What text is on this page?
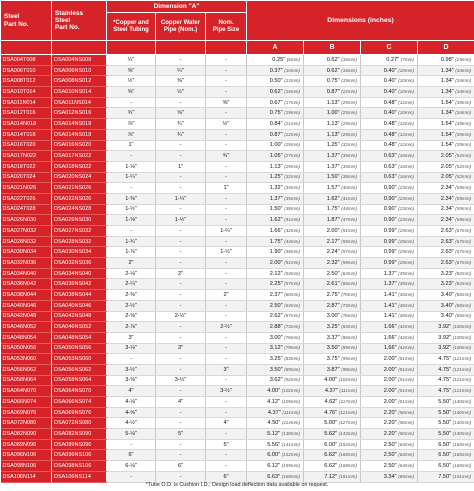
Steel
Part No.	Stainless
Steel
Part No.	Dimension "A"			Dimensions (inches)			
		*Copper and
Steel Tubing	Copper Water
Pipe (Nom.)	Nom.
Pipe Size				
					A	B	C	D
DSA004T008	DSA004NS008	¼"	-	-	0.25" (6mm)	0.62" (16mm)	0.27" (7mm)	0.98" (25mm)
DSA006T010	DSA006NS010	⅜"	¼"	-	0.37" (10mm)	0.62" (16mm)	0.40" (10mm)	1.34" (34mm)
DSA008T012	DSA008NS012	½"	⅜"	-	0.50" (13mm)	0.75" (19mm)	0.40" (10mm)	1.34" (34mm)
DSA010T014	DSA010NS014	⅝"	½"	-	0.62" (16mm)	0.87" (22mm)	0.40" (10mm)	1.34" (34mm)
DSA011N014	DSA011NS014	-	-	⅜"	0.67" (17mm)	1.13" (29mm)	0.48" (12mm)	1.54" (39mm)
DSA012T016	DSA012NS016	¾"	⅝"	-	0.75" (19mm)	1.00" (25mm)	0.40" (10mm)	1.34" (34mm)
DSA014N018	DSA014NS018	⅞"	¾"	½"	0.84" (21mm)	1.13" (29mm)	0.48" (12mm)	1.54" (39mm)
DSA014T018	DSA014NS018	⅞"	¾"	-	0.87" (22mm)	1.13" (29mm)	0.48" (12mm)	1.54" (39mm)
DSA016T020	DSA016NS020	1"	-	-	1.00" (25mm)	1.25" (32mm)	0.48" (12mm)	1.54" (39mm)
DSA017N022	DSA017NS022	-	-	¾"	1.05" (27mm)	1.37" (35mm)	0.63" (16mm)	2.05" (52mm)
DSA018T022	DSA018NS022	1-⅛"	1"	-	1.13" (29mm)	1.37" (35mm)	0.63" (16mm)	2.05" (52mm)
DSA020T024	DSA020NS024	1-¼"	-	-	1.25" (32mm)	1.50" (38mm)	0.63" (16mm)	2.05" (52mm)
DSA021N026	DSA021NS026	-	-	1"	1.32" (34mm)	1.57" (40mm)	0.90" (23mm)	2.34" (59mm)
DSA022T026	DSA022NS026	1-⅜"	1-¼"	-	1.37" (35mm)	1.62" (41mm)	0.90" (23mm)	2.34" (59mm)
DSA024T028	DSA024NS028	1-½"	-	-	1.50" (38mm)	1.75" (44mm)	0.90" (23mm)	2.34" (59mm)
DSA026N030	DSA026NS030	1-⅝"	1-½"	-	1.62" (41mm)	1.87" (47mm)	0.90" (23mm)	2.34" (59mm)
DSA027N032	DSA027NS032	-	-	1-¼"	1.66" (42mm)	2.00" (51mm)	0.99" (25mm)	2.63" (67mm)
DSA028N032	DSA028NS032	1-¾"	-	-	1.75" (44mm)	2.17" (55mm)	0.99" (25mm)	2.63" (67mm)
DSA030N034	DSA030NS034	1-⅞"	-	1-½"	1.90" (48mm)	2.24" (57mm)	0.99" (25mm)	2.63" (67mm)
DSA032N036	DSA032NS036	2"	-	-	2.00" (51mm)	2.32" (59mm)	0.99" (25mm)	2.63" (67mm)
DSA034N040	DSA034NS040	2-⅛"	2"	-	2.12" (54mm)	2.50" (64mm)	1.37" (35mm)	3.23" (82mm)
DSA036N042	DSA036NS042	2-¼"	-	-	2.25" (57mm)	2.61" (66mm)	1.37" (35mm)	3.23" (82mm)
DSA038N044	DSA038NS044	2-⅜"	-	2"	2.37" (60mm)	2.75" (70mm)	1.41" (36mm)	3.40" (86mm)
DSA040N046	DSA040NS046	2-½"	-	-	2.50" (64mm)	2.87" (73mm)	1.41" (36mm)	3.40" (86mm)
DSA042N048	DSA042NS048	2-⅝"	2-½"	-	2.62" (67mm)	3.00" (76mm)	1.41" (36mm)	3.40" (86mm)
DSA046N052	DSA046NS052	2-⅞"	-	2-½"	2.88" (73mm)	3.25" (83mm)	1.66" (42mm)	3.92" (100mm)
DSA048N054	DSA048NS054	3"	-	-	3.00" (76mm)	3.37" (86mm)	1.66" (42mm)	3.92" (100mm)
DSA050N056	DSA050NS056	3-⅛"	3"	-	3.12" (79mm)	3.50" (89mm)	1.66" (42mm)	3.92" (100mm)
DSA053N060	DSA053NS060	-	-	-	3.25" (83mm)	3.75" (95mm)	2.00" (51mm)	4.75" (121mm)
DSA056N062	DSA056NS062	3-½"	-	3"	3.50" (89mm)	3.87" (98mm)	2.00" (51mm)	4.75" (121mm)
DSA058N064	DSA058NS064	3-⅝"	3-½"	-	3.62" (92mm)	4.00" (102mm)	2.00" (51mm)	4.75" (121mm)
DSA064N070	DSA064NS070	4"	-	3-½"	4.00" (102mm)	4.37" (111mm)	2.00" (51mm)	4.75" (121mm)
DSA066N074	DSA066NS074	4-⅛"	4"	-	4.12" (105mm)	4.62" (117mm)	2.00" (51mm)	5.50" (140mm)
DSA069N076	DSA069NS076	4-⅝"	-	-	4.37" (111mm)	4.76" (121mm)	2.20" (56mm)	5.50" (140mm)
DSA072N080	DSA072NS080	4-½"	-	4"	4.50" (114mm)	5.00" (127mm)	2.20" (56mm)	5.50" (140mm)
DSA082N090	DSA082NS090	5-⅛"	5"	-	5.12" (130mm)	5.62" (143mm)	2.20" (56mm)	5.50" (140mm)
DSA089N096	DSA089NS096	-	-	5"	5.56" (141mm)	6.00" (152mm)	2.50" (64mm)	6.50" (165mm)
DSA096N106	DSA096NS106	6"	-	-	6.00" (152mm)	6.62" (168mm)	2.50" (64mm)	6.50" (165mm)
DSA098N106	DSA098NS106	6-⅛"	6"	-	6.12" (155mm)	6.62" (168mm)	2.50" (64mm)	6.50" (165mm)
DSA106N114	DSA106NS114	-	-	6"	6.63" (168mm)	7.12" (181mm)	3.34" (85mm)	7.50" (191mm)
*Tube O.D. is Cushion I.D.; Design load deflection data available on request.
